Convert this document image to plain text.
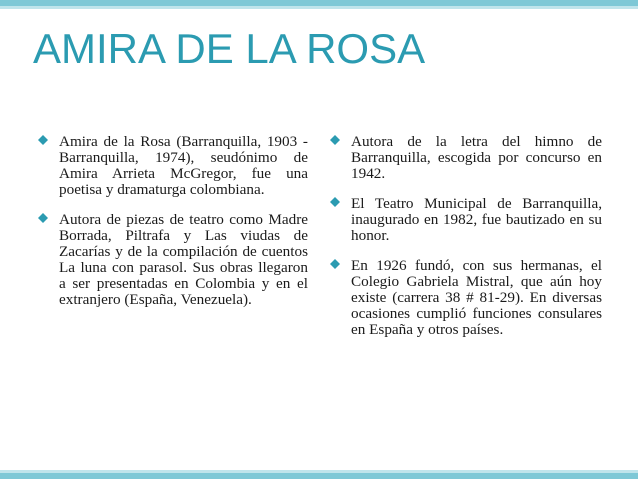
AMIRA DE LA ROSA
Amira de la Rosa (Barranquilla, 1903 - Barranquilla, 1974), seudónimo de Amira Arrieta McGregor, fue una poetisa y dramaturga colombiana.
Autora de piezas de teatro como Madre Borrada, Piltrafa y Las viudas de Zacarías y de la compilación de cuentos La luna con parasol. Sus obras llegaron a ser presentadas en Colombia y en el extranjero (España, Venezuela).
Autora de la letra del himno de Barranquilla, escogida por concurso en 1942.
El Teatro Municipal de Barranquilla, inaugurado en 1982, fue bautizado en su honor.
En 1926 fundó, con sus hermanas, el Colegio Gabriela Mistral, que aún hoy existe (carrera 38 # 81-29). En diversas ocasiones cumplió funciones consulares en España y otros países.
